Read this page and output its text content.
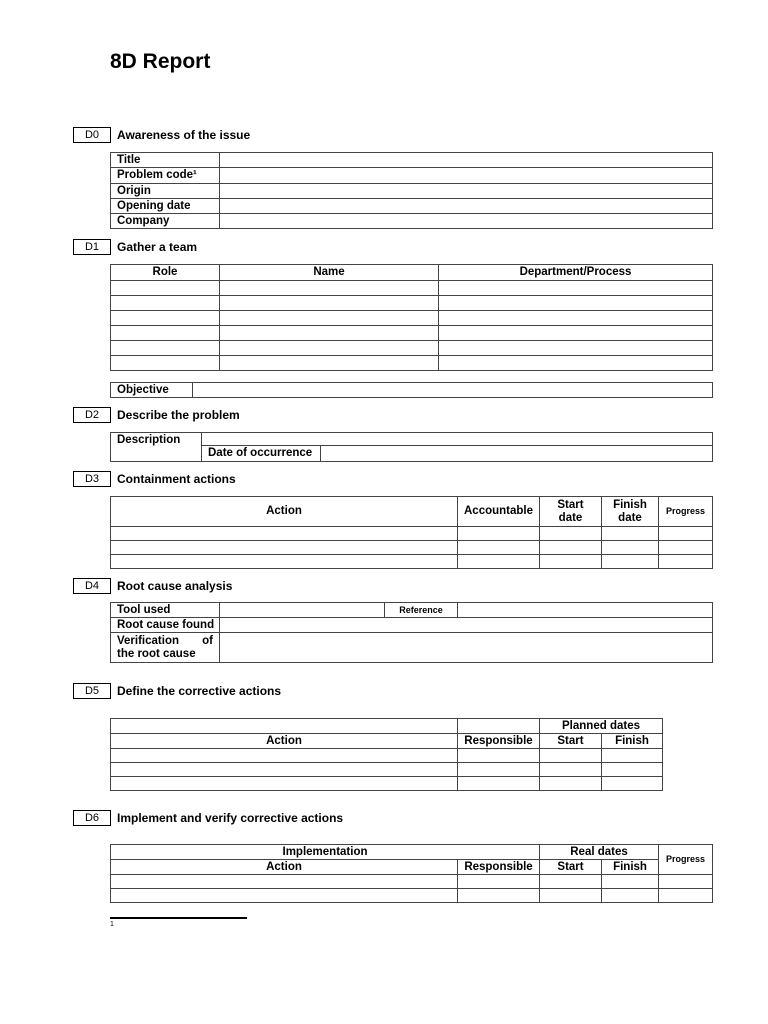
8D Report
D0	Awareness of the issue
Title	
Problem code¹	
Origin	
Opening date	
Company	
D1	Gather a team
Role	Name	Department/Process

Objective	
D2	Describe the problem
Description		
	Date of occurrence	
D3	Containment actions
Action	Accountable	Start date	Finish date	Progress

D4	Root cause analysis
Tool used		Reference	
Root cause found			

Verification of
the root cause			

D5	Define the corrective actions
		Planned dates	
Action	Responsible	Start	Finish

D6	Implement and verify corrective actions
Implementation		Real dates		Progress
Action	Responsible	Start	Finish	

1
